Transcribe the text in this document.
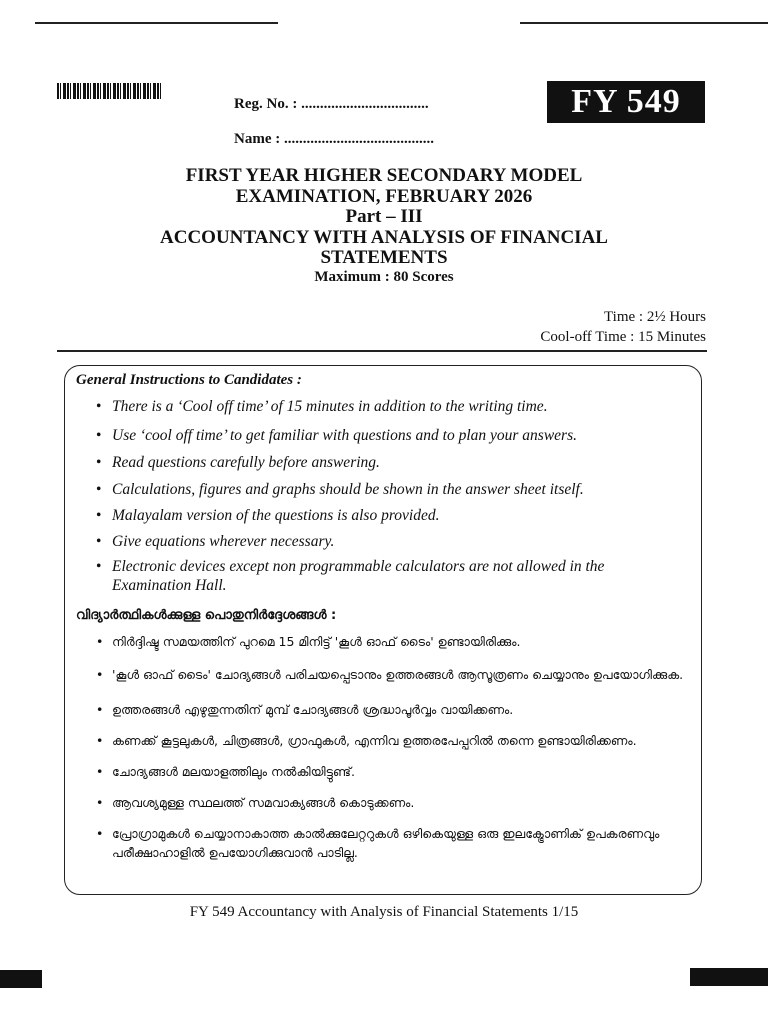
Reg. No. : ..................................
Name : ........................................
FY 549
FIRST YEAR HIGHER SECONDARY MODEL
EXAMINATION, FEBRUARY 2026
Part – III
ACCOUNTANCY WITH ANALYSIS OF FINANCIAL
STATEMENTS
Maximum : 80 Scores
Time : 2½ Hours
Cool-off Time : 15 Minutes
General Instructions to Candidates :
• There is a ‘Cool off time’ of 15 minutes in addition to the writing time.
• Use ‘cool off time’ to get familiar with questions and to plan your answers.
• Read questions carefully before answering.
• Calculations, figures and graphs should be shown in the answer sheet itself.
• Malayalam version of the questions is also provided.
• Give equations wherever necessary.
• Electronic devices except non programmable calculators are not allowed in the Examination Hall.
വിദ്യാർത്ഥികൾക്കുള്ള പൊതുനിർദ്ദേശങ്ങൾ :
• നിർദ്ദിഷ്ട സമയത്തിന് പുറമെ 15 മിനിട്ട് 'കൂൾ ഓഫ് ടൈം' ഉണ്ടായിരിക്കും.
• 'കൂൾ ഓഫ് ടൈം' ചോദ്യങ്ങൾ പരിചയപ്പെടാനും ഉത്തരങ്ങൾ ആസൂത്രണം ചെയ്യാനും ഉപയോഗിക്കുക.
• ഉത്തരങ്ങൾ എഴുതുന്നതിന് മുമ്പ് ചോദ്യങ്ങൾ ശ്രദ്ധാപൂർവ്വം വായിക്കണം.
• കണക്ക് കൂട്ടലുകൾ, ചിത്രങ്ങൾ, ഗ്രാഫുകൾ, എന്നിവ ഉത്തരപേപ്പറിൽ തന്നെ ഉണ്ടായിരിക്കണം.
• ചോദ്യങ്ങൾ മലയാളത്തിലും നൽകിയിട്ടുണ്ട്.
• ആവശ്യമുള്ള സ്ഥലത്ത് സമവാക്യങ്ങൾ കൊടുക്കണം.
• പ്രോഗ്രാമുകൾ ചെയ്യാനാകാത്ത കാൽക്കുലേറ്ററുകൾ ഒഴികെയുള്ള ഒരു ഇലക്ട്രോണിക് ഉപകരണവും പരീക്ഷാഹാളിൽ ഉപയോഗിക്കുവാൻ പാടില്ല.
FY 549 Accountancy with Analysis of Financial Statements 1/15
